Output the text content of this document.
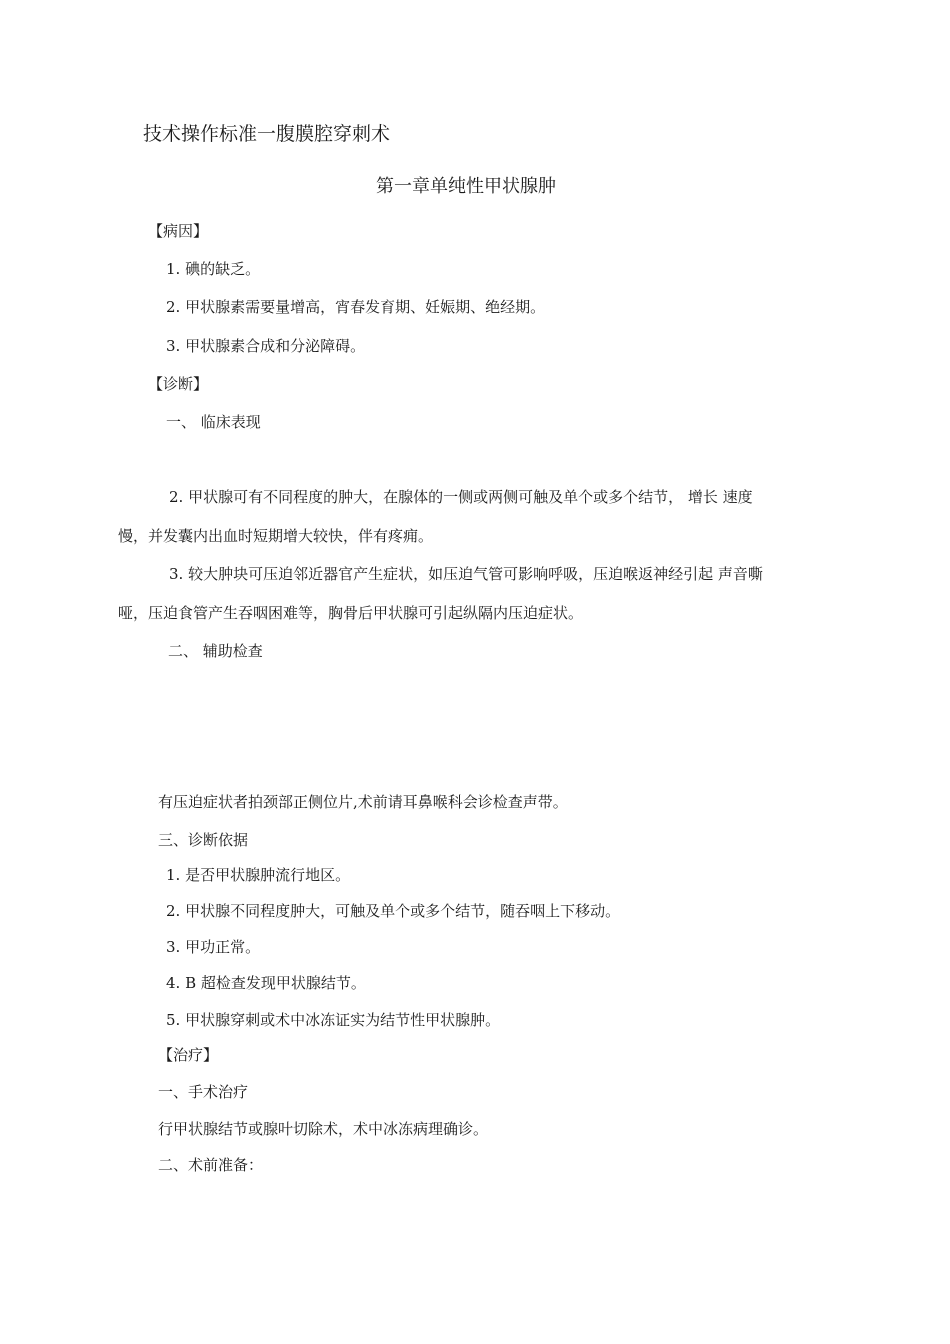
技术操作标准一腹膜腔穿刺术
第一章单纯性甲状腺肿
【病因】
1. 碘的缺乏。
2. 甲状腺素需要量增高，宵春发育期、妊娠期、绝经期。
3. 甲状腺素合成和分泌障碍。
【诊断】
一、 临床表现
2. 甲状腺可有不同程度的肿大，在腺体的一侧或两侧可触及单个或多个结节， 增长 速度
慢，并发囊内出血时短期增大较快，伴有疼痈。
3. 较大肿块可压迫邻近器官产生症状，如压迫气管可影响呼吸，压迫喉返神经引起 声音嘶
哑，压迫食管产生吞咽困难等，胸骨后甲状腺可引起纵隔内压迫症状。
二、 辅助检查
有压迫症状者拍颈部正侧位片,术前请耳鼻喉科会诊检查声带。
三、诊断依据
1. 是否甲状腺肿流行地区。
2. 甲状腺不同程度肿大，可触及单个或多个结节，随吞咽上下移动。
3. 甲功正常。
4. B 超检查发现甲状腺结节。
5. 甲状腺穿刺或术中冰冻证实为结节性甲状腺肿。
【治疗】
一、手术治疗
行甲状腺结节或腺叶切除术，术中冰冻病理确诊。
二、术前准备：
